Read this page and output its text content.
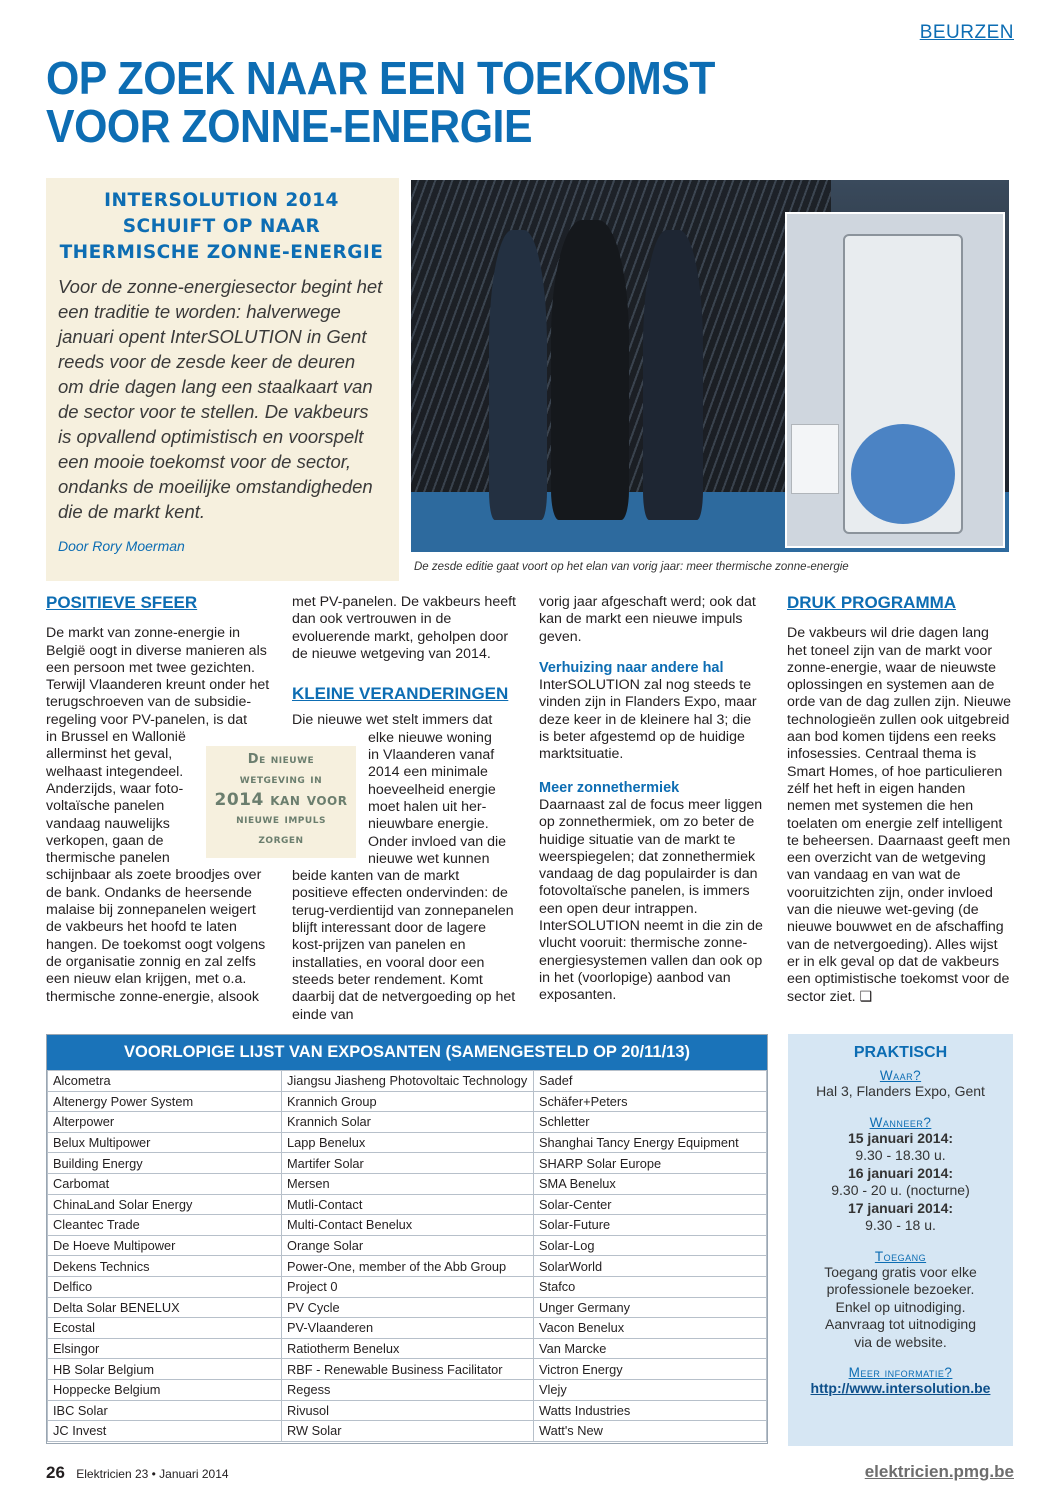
BEURZEN
OP ZOEK NAAR EEN TOEKOMST
VOOR ZONNE-ENERGIE
INTERSOLUTION 2014
SCHUIFT OP NAAR
THERMISCHE ZONNE-ENERGIE

Voor de zonne-energiesector begint het een traditie te worden: halverwege januari opent InterSOLUTION in Gent reeds voor de zesde keer de deuren om drie dagen lang een staalkaart van de sector voor te stellen. De vakbeurs is opvallend optimistisch en voorspelt een mooie toekomst voor de sector, ondanks de moeilijke omstandigheden die de markt kent.

Door Rory Moerman

De zesde editie gaat voort op het elan van vorig jaar: meer thermische zonne-energie
POSITIEVE SFEER

De markt van zonne-energie in België oogt in diverse manieren als een persoon met twee gezichten. Terwijl Vlaanderen kreunt onder het terugschroeven van de subsidie-regeling voor PV-panelen, is dat

in Brussel en Wallonië
allerminst het geval,
welhaast integendeel.
Anderzijds, waar foto-
voltaïsche panelen
vandaag nauwelijks
verkopen, gaan de
thermische panelen

schijnbaar als zoete broodjes over de bank. Ondanks de heersende malaise bij zonnepanelen weigert de vakbeurs het hoofd te laten hangen. De toekomst oogt volgens de organisatie zonnig en zal zelfs een nieuw elan krijgen, met o.a. thermische zonne-energie, alsook

De nieuwe
wetgeving in
2014 kan voor
nieuwe impuls
zorgen

met PV-panelen. De vakbeurs heeft dan ook vertrouwen in de evoluerende markt, geholpen door de nieuwe wetgeving van 2014.

KLEINE VERANDERINGEN

Die nieuwe wet stelt immers dat

elke nieuwe woning
in Vlaanderen vanaf
2014 een minimale
hoeveelheid energie
moet halen uit her-
nieuwbare energie.
Onder invloed van die
nieuwe wet kunnen

beide kanten van de markt positieve effecten ondervinden: de terug-verdientijd van zonnepanelen blijft interessant door de lagere kost-prijzen van panelen en installaties, en vooral door een steeds beter rendement. Komt daarbij dat de netvergoeding op het einde van

vorig jaar afgeschaft werd; ook dat kan de markt een nieuwe impuls geven.

Verhuizing naar andere hal

InterSOLUTION zal nog steeds te vinden zijn in Flanders Expo, maar deze keer in de kleinere hal 3; die is beter afgestemd op de huidige marktsituatie.

Meer zonnethermiek

Daarnaast zal de focus meer liggen op zonnethermiek, om zo beter de huidige situatie van de markt te weerspiegelen; dat zonnethermiek vandaag de dag populairder is dan fotovoltaïsche panelen, is immers een open deur intrappen. InterSOLUTION neemt in die zin de vlucht vooruit: thermische zonne-energiesystemen vallen dan ook op in het (voorlopige) aanbod van exposanten.

DRUK PROGRAMMA

De vakbeurs wil drie dagen lang het toneel zijn van de markt voor zonne-energie, waar de nieuwste oplossingen en systemen aan de orde van de dag zullen zijn. Nieuwe technologieën zullen ook uitgebreid aan bod komen tijdens een reeks infosessies. Centraal thema is Smart Homes, of hoe particulieren zélf het heft in eigen handen nemen met systemen die hen toelaten om energie zelf intelligent te beheersen. Daarnaast geeft men een overzicht van de wetgeving van vandaag en van wat de vooruitzichten zijn, onder invloed van die nieuwe wet-geving (de nieuwe bouwwet en de afschaffing van de netvergoeding). Alles wijst er in elk geval op dat de vakbeurs een optimistische toekomst voor de sector ziet. ❑

VOORLOPIGE LIJST VAN EXPOSANTEN (SAMENGESTELD OP 20/11/13)
Alcometra	Jiangsu Jiasheng Photovoltaic Technology	Sadef
Altenergy Power System	Krannich Group	Schäfer+Peters
Alterpower	Krannich Solar	Schletter
Belux Multipower	Lapp Benelux	Shanghai Tancy Energy Equipment
Building Energy	Martifer Solar	SHARP Solar Europe
Carbomat	Mersen	SMA Benelux
ChinaLand Solar Energy	Mutli-Contact	Solar-Center
Cleantec Trade	Multi-Contact Benelux	Solar-Future
De Hoeve Multipower	Orange Solar	Solar-Log
Dekens Technics	Power-One, member of the Abb Group	SolarWorld
Delfico	Project 0	Stafco
Delta Solar BENELUX	PV Cycle	Unger Germany
Ecostal	PV-Vlaanderen	Vacon Benelux
Elsingor	Ratiotherm Benelux	Van Marcke
HB Solar Belgium	RBF - Renewable Business Facilitator	Victron Energy
Hoppecke Belgium	Regess	Vlejy
IBC Solar	Rivusol	Watts Industries
JC Invest	RW Solar	Watt's New
PRAKTISCH
Waar?
Hal 3, Flanders Expo, Gent
Wanneer?
15 januari 2014:
9.30 - 18.30 u.
16 januari 2014:
9.30 - 20 u. (nocturne)
17 januari 2014:
9.30 - 18 u.
Toegang
Toegang gratis voor elke
professionele bezoeker.
Enkel op uitnodiging.
Aanvraag tot uitnodiging
via de website.
Meer informatie?
http://www.intersolution.be
26 Elektricien 23 • Januari 2014	elektricien.pmg.be
